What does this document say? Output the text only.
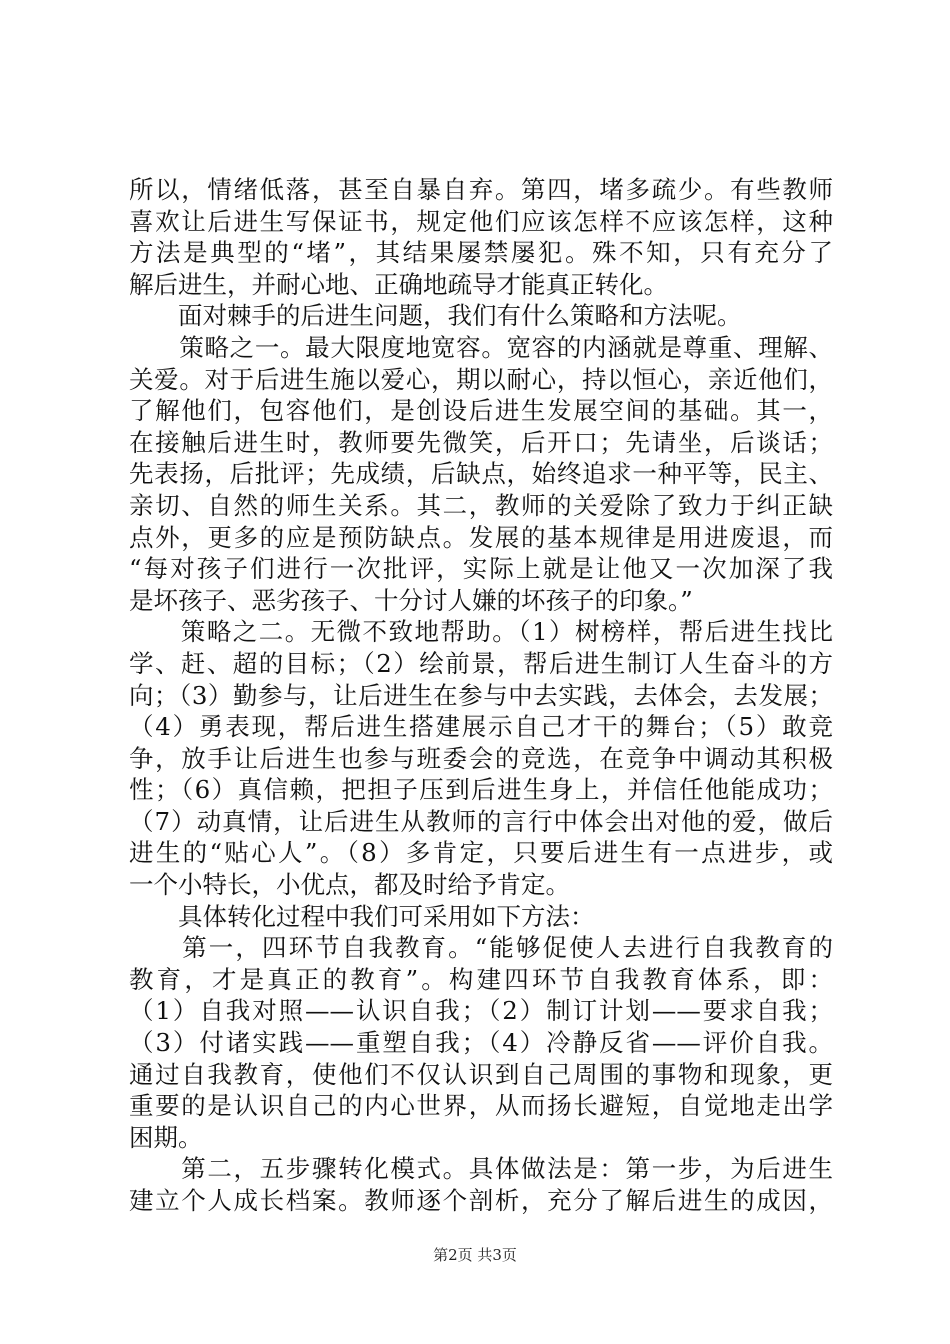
所以，情绪低落，甚至自暴自弃。第四，堵多疏少。有些教师
喜欢让后进生写保证书，规定他们应该怎样不应该怎样，这种
方法是典型的“堵”，其结果屡禁屡犯。殊不知，只有充分了
解后进生，并耐心地、正确地疏导才能真正转化。
　　面对棘手的后进生问题，我们有什么策略和方法呢。
　　策略之一。最大限度地宽容。宽容的内涵就是尊重、理解、
关爱。对于后进生施以爱心，期以耐心，持以恒心，亲近他们，
了解他们，包容他们，是创设后进生发展空间的基础。其一，
在接触后进生时，教师要先微笑，后开口；先请坐，后谈话；
先表扬，后批评；先成绩，后缺点，始终追求一种平等，民主、
亲切、自然的师生关系。其二，教师的关爱除了致力于纠正缺
点外，更多的应是预防缺点。发展的基本规律是用进废退，而
“每对孩子们进行一次批评，实际上就是让他又一次加深了我
是坏孩子、恶劣孩子、十分讨人嫌的坏孩子的印象。”
　　策略之二。无微不致地帮助。（1）树榜样，帮后进生找比
学、赶、超的目标；（2）绘前景，帮后进生制订人生奋斗的方
向；（3）勤参与，让后进生在参与中去实践，去体会，去发展；
（4）勇表现，帮后进生搭建展示自己才干的舞台；（5）敢竞
争，放手让后进生也参与班委会的竞选，在竞争中调动其积极
性；（6）真信赖，把担子压到后进生身上，并信任他能成功；
（7）动真情，让后进生从教师的言行中体会出对他的爱，做后
进生的“贴心人”。（8）多肯定，只要后进生有一点进步，或
一个小特长，小优点，都及时给予肯定。
　　具体转化过程中我们可采用如下方法：
　　第一，四环节自我教育。“能够促使人去进行自我教育的
教育，才是真正的教育”。构建四环节自我教育体系，即：
（1）自我对照——认识自我；（2）制订计划——要求自我；
（3）付诸实践——重塑自我；（4）冷静反省——评价自我。
通过自我教育，使他们不仅认识到自己周围的事物和现象，更
重要的是认识自己的内心世界，从而扬长避短，自觉地走出学
困期。
　　第二，五步骤转化模式。具体做法是：第一步，为后进生
建立个人成长档案。教师逐个剖析，充分了解后进生的成因，
第2页 共3页
